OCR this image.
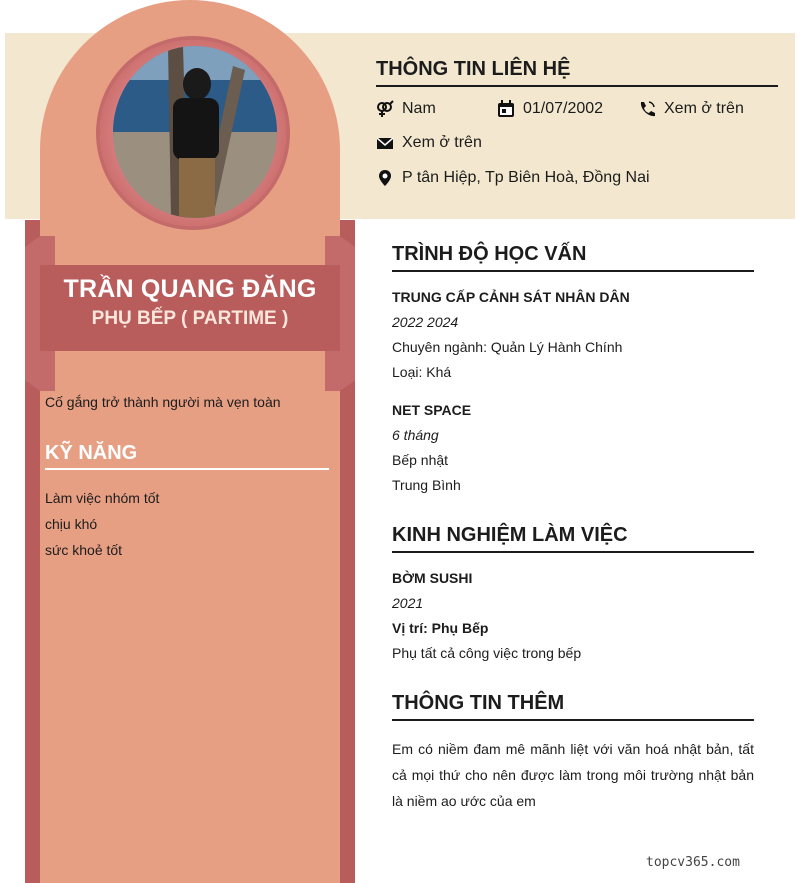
TRẦN QUANG ĐĂNG
PHỤ BẾP ( PARTIME )
Cố gắng trở thành người mà vẹn toàn
KỸ NĂNG
Làm việc nhóm tốt
chịu khó
sức khoẻ tốt
THÔNG TIN LIÊN HỆ
Nam	01/07/2002	Xem ở trên
Xem ở trên
P tân Hiệp, Tp Biên Hoà, Đồng Nai
TRÌNH ĐỘ HỌC VẤN
TRUNG CẤP CẢNH SÁT NHÂN DÂN
2022 2024
Chuyên ngành: Quản Lý Hành Chính
Loại: Khá
NET SPACE
6 tháng
Bếp nhật
Trung Bình
KINH NGHIỆM LÀM VIỆC
BỜM SUSHI
2021
Vị trí: Phụ Bếp
Phụ tất cả công việc trong bếp
THÔNG TIN THÊM
Em có niềm đam mê mãnh liệt với văn hoá nhật bản, tất cả mọi thứ cho nên được làm trong môi trường nhật bản là niềm ao ước của em
topcv365.com
